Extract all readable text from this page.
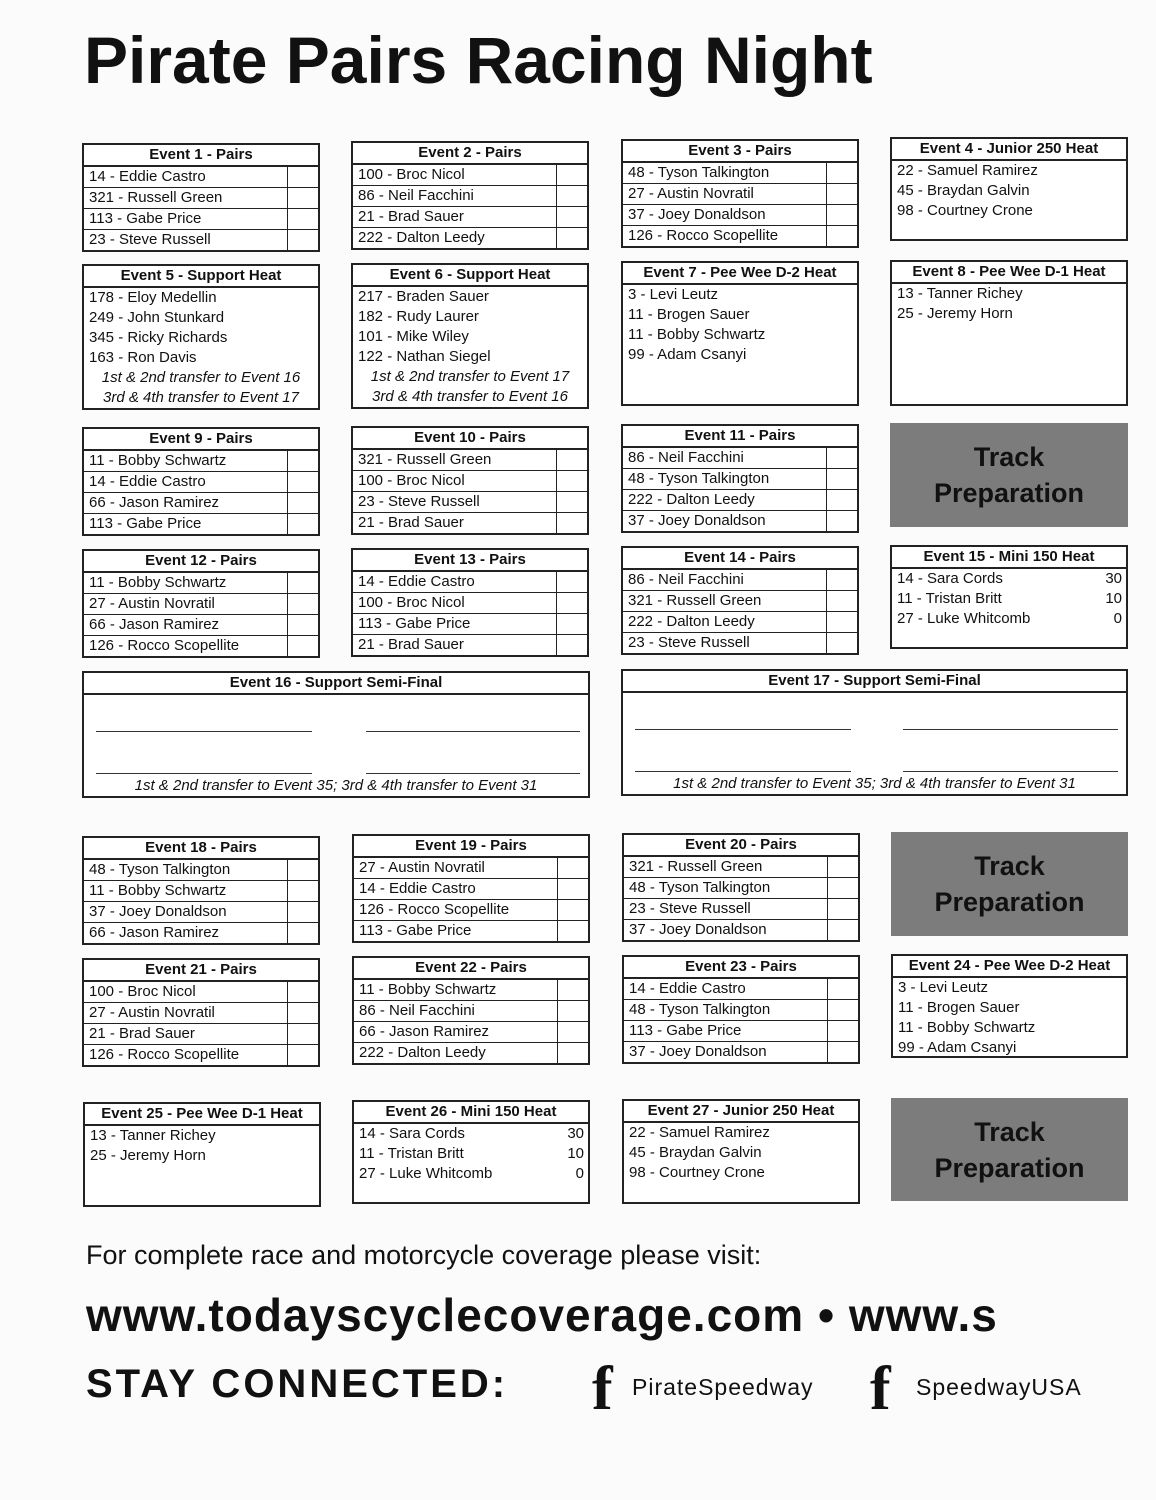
Pirate Pairs Racing Night
Event 1 - Pairs
14 - Eddie Castro
321 - Russell Green
113 - Gabe Price
23 - Steve Russell
Event 2 - Pairs
100 - Broc Nicol
86 - Neil Facchini
21 - Brad Sauer
222 - Dalton Leedy
Event 3 - Pairs
48 - Tyson Talkington
27 - Austin Novratil
37 - Joey Donaldson
126 - Rocco Scopellite
Event 4 - Junior 250 Heat
22 - Samuel Ramirez
45 - Braydan Galvin
98 - Courtney Crone
Event 5 - Support Heat
178 - Eloy Medellin
249 - John Stunkard
345 - Ricky Richards
163 - Ron Davis
1st & 2nd transfer to Event 16
3rd & 4th transfer to Event 17
Event 6 - Support Heat
217 - Braden Sauer
182 - Rudy Laurer
101 - Mike Wiley
122 - Nathan Siegel
1st & 2nd transfer to Event 17
3rd & 4th transfer to Event 16
Event 7 - Pee Wee D-2 Heat
3 - Levi Leutz
11 - Brogen Sauer
11 - Bobby Schwartz
99 - Adam Csanyi
Event 8 - Pee Wee D-1 Heat
13 - Tanner Richey
25 - Jeremy Horn
Event 9 - Pairs
11 - Bobby Schwartz
14 - Eddie Castro
66 - Jason Ramirez
113 - Gabe Price
Event 10 - Pairs
321 - Russell Green
100 - Broc Nicol
23 - Steve Russell
21 - Brad Sauer
Event 11 - Pairs
86 - Neil Facchini
48 - Tyson Talkington
222 - Dalton Leedy
37 - Joey Donaldson
Track
Preparation
Event 12 - Pairs
11 - Bobby Schwartz
27 - Austin Novratil
66 - Jason Ramirez
126 - Rocco Scopellite
Event 13 - Pairs
14 - Eddie Castro
100 - Broc Nicol
113 - Gabe Price
21 - Brad Sauer
Event 14 - Pairs
86 - Neil Facchini
321 - Russell Green
222 - Dalton Leedy
23 - Steve Russell
Event 15 - Mini 150 Heat
14 - Sara Cords	30
11 - Tristan Britt	10
27 - Luke Whitcomb	0
Event 16 - Support Semi-Final
1st & 2nd transfer to Event 35; 3rd & 4th transfer to Event 31
Event 17 - Support Semi-Final
1st & 2nd transfer to Event 35; 3rd & 4th transfer to Event 31
Event 18 - Pairs
48 - Tyson Talkington
11 - Bobby Schwartz
37 - Joey Donaldson
66 - Jason Ramirez
Event 19 - Pairs
27 - Austin Novratil
14 - Eddie Castro
126 - Rocco Scopellite
113 - Gabe Price
Event 20 - Pairs
321 - Russell Green
48 - Tyson Talkington
23 - Steve Russell
37 - Joey Donaldson
Track
Preparation
Event 21 - Pairs
100 - Broc Nicol
27 - Austin Novratil
21 - Brad Sauer
126 - Rocco Scopellite
Event 22 - Pairs
11 - Bobby Schwartz
86 - Neil Facchini
66 - Jason Ramirez
222 - Dalton Leedy
Event 23 - Pairs
14 - Eddie Castro
48 - Tyson Talkington
113 - Gabe Price
37 - Joey Donaldson
Event 24 - Pee Wee D-2 Heat
3 - Levi Leutz
11 - Brogen Sauer
11 - Bobby Schwartz
99 - Adam Csanyi
Event 25 - Pee Wee D-1 Heat
13 - Tanner Richey
25 - Jeremy Horn
Event 26 - Mini 150 Heat
14 - Sara Cords	30
11 - Tristan Britt	10
27 - Luke Whitcomb	0
Event 27 - Junior 250 Heat
22 - Samuel Ramirez
45 - Braydan Galvin
98 - Courtney Crone
Track
Preparation
For complete race and motorcycle coverage please visit:
www.todayscyclecoverage.com • www.s
STAY CONNECTED: f PirateSpeedway f SpeedwayUSA
